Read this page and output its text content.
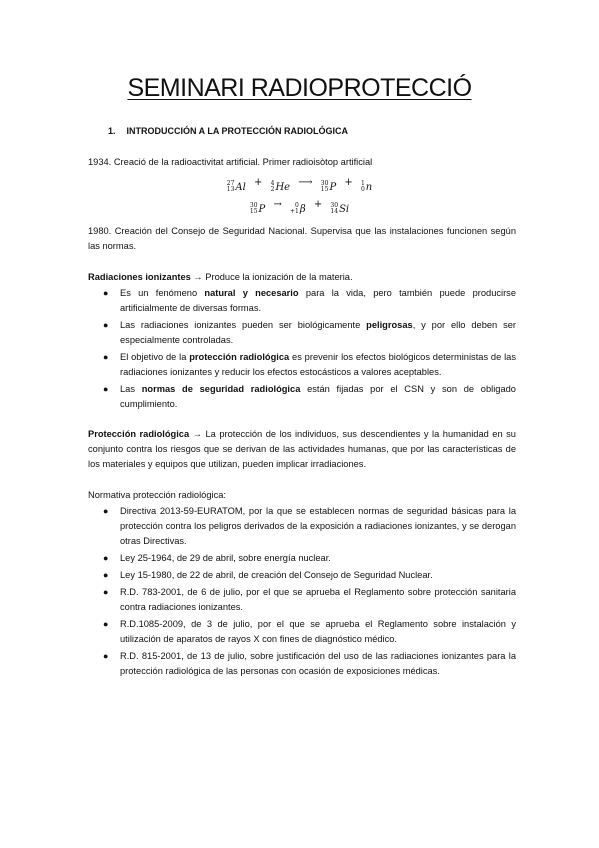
SEMINARI RADIOPROTECCIÓ
1. INTRODUCCIÓN A LA PROTECCIÓN RADIOLÓGICA
1934. Creació de la radioactivitat artificial. Primer radioisòtop artificial
27
13 Al + 4
2 He ⟶ 30
15 P + 1
0 n
30
15 P →	0
+1 β + 30
14 Si
1980. Creación del Consejo de Seguridad Nacional. Supervisa que las instalaciones funcionen según las normas.
Radiaciones ionizantes → Produce la ionización de la materia.
● Es un fenómeno natural y necesario para la vida, pero también puede producirse artificialmente de diversas formas.
● Las radiaciones ionizantes pueden ser biológicamente peligrosas, y por ello deben ser especialmente controladas.
● El objetivo de la protección radiológica es prevenir los efectos biológicos deterministas de las radiaciones ionizantes y reducir los efectos estocásticos a valores aceptables.
● Las normas de seguridad radiológica están fijadas por el CSN y son de obligado cumplimiento.
Protección radiológica → La protección de los individuos, sus descendientes y la humanidad en su conjunto contra los riesgos que se derivan de las actividades humanas, que por las características de los materiales y equipos que utilizan, pueden implicar irradiaciones.
Normativa protección radiológica:
● Directiva 2013-59-EURATOM, por la que se establecen normas de seguridad básicas para la protección contra los peligros derivados de la exposición a radiaciones ionizantes, y se derogan otras Directivas.
● Ley 25-1964, de 29 de abril, sobre energía nuclear.
● Ley 15-1980, de 22 de abril, de creación del Consejo de Seguridad Nuclear.
● R.D. 783-2001, de 6 de julio, por el que se aprueba el Reglamento sobre protección sanitaria contra radiaciones ionizantes.
● R.D.1085-2009, de 3 de julio, por el que se aprueba el Reglamento sobre instalación y utilización de aparatos de rayos X con fines de diagnóstico médico.
● R.D. 815-2001, de 13 de julio, sobre justificación del uso de las radiaciones ionizantes para la protección radiológica de las personas con ocasión de exposiciones médicas.
